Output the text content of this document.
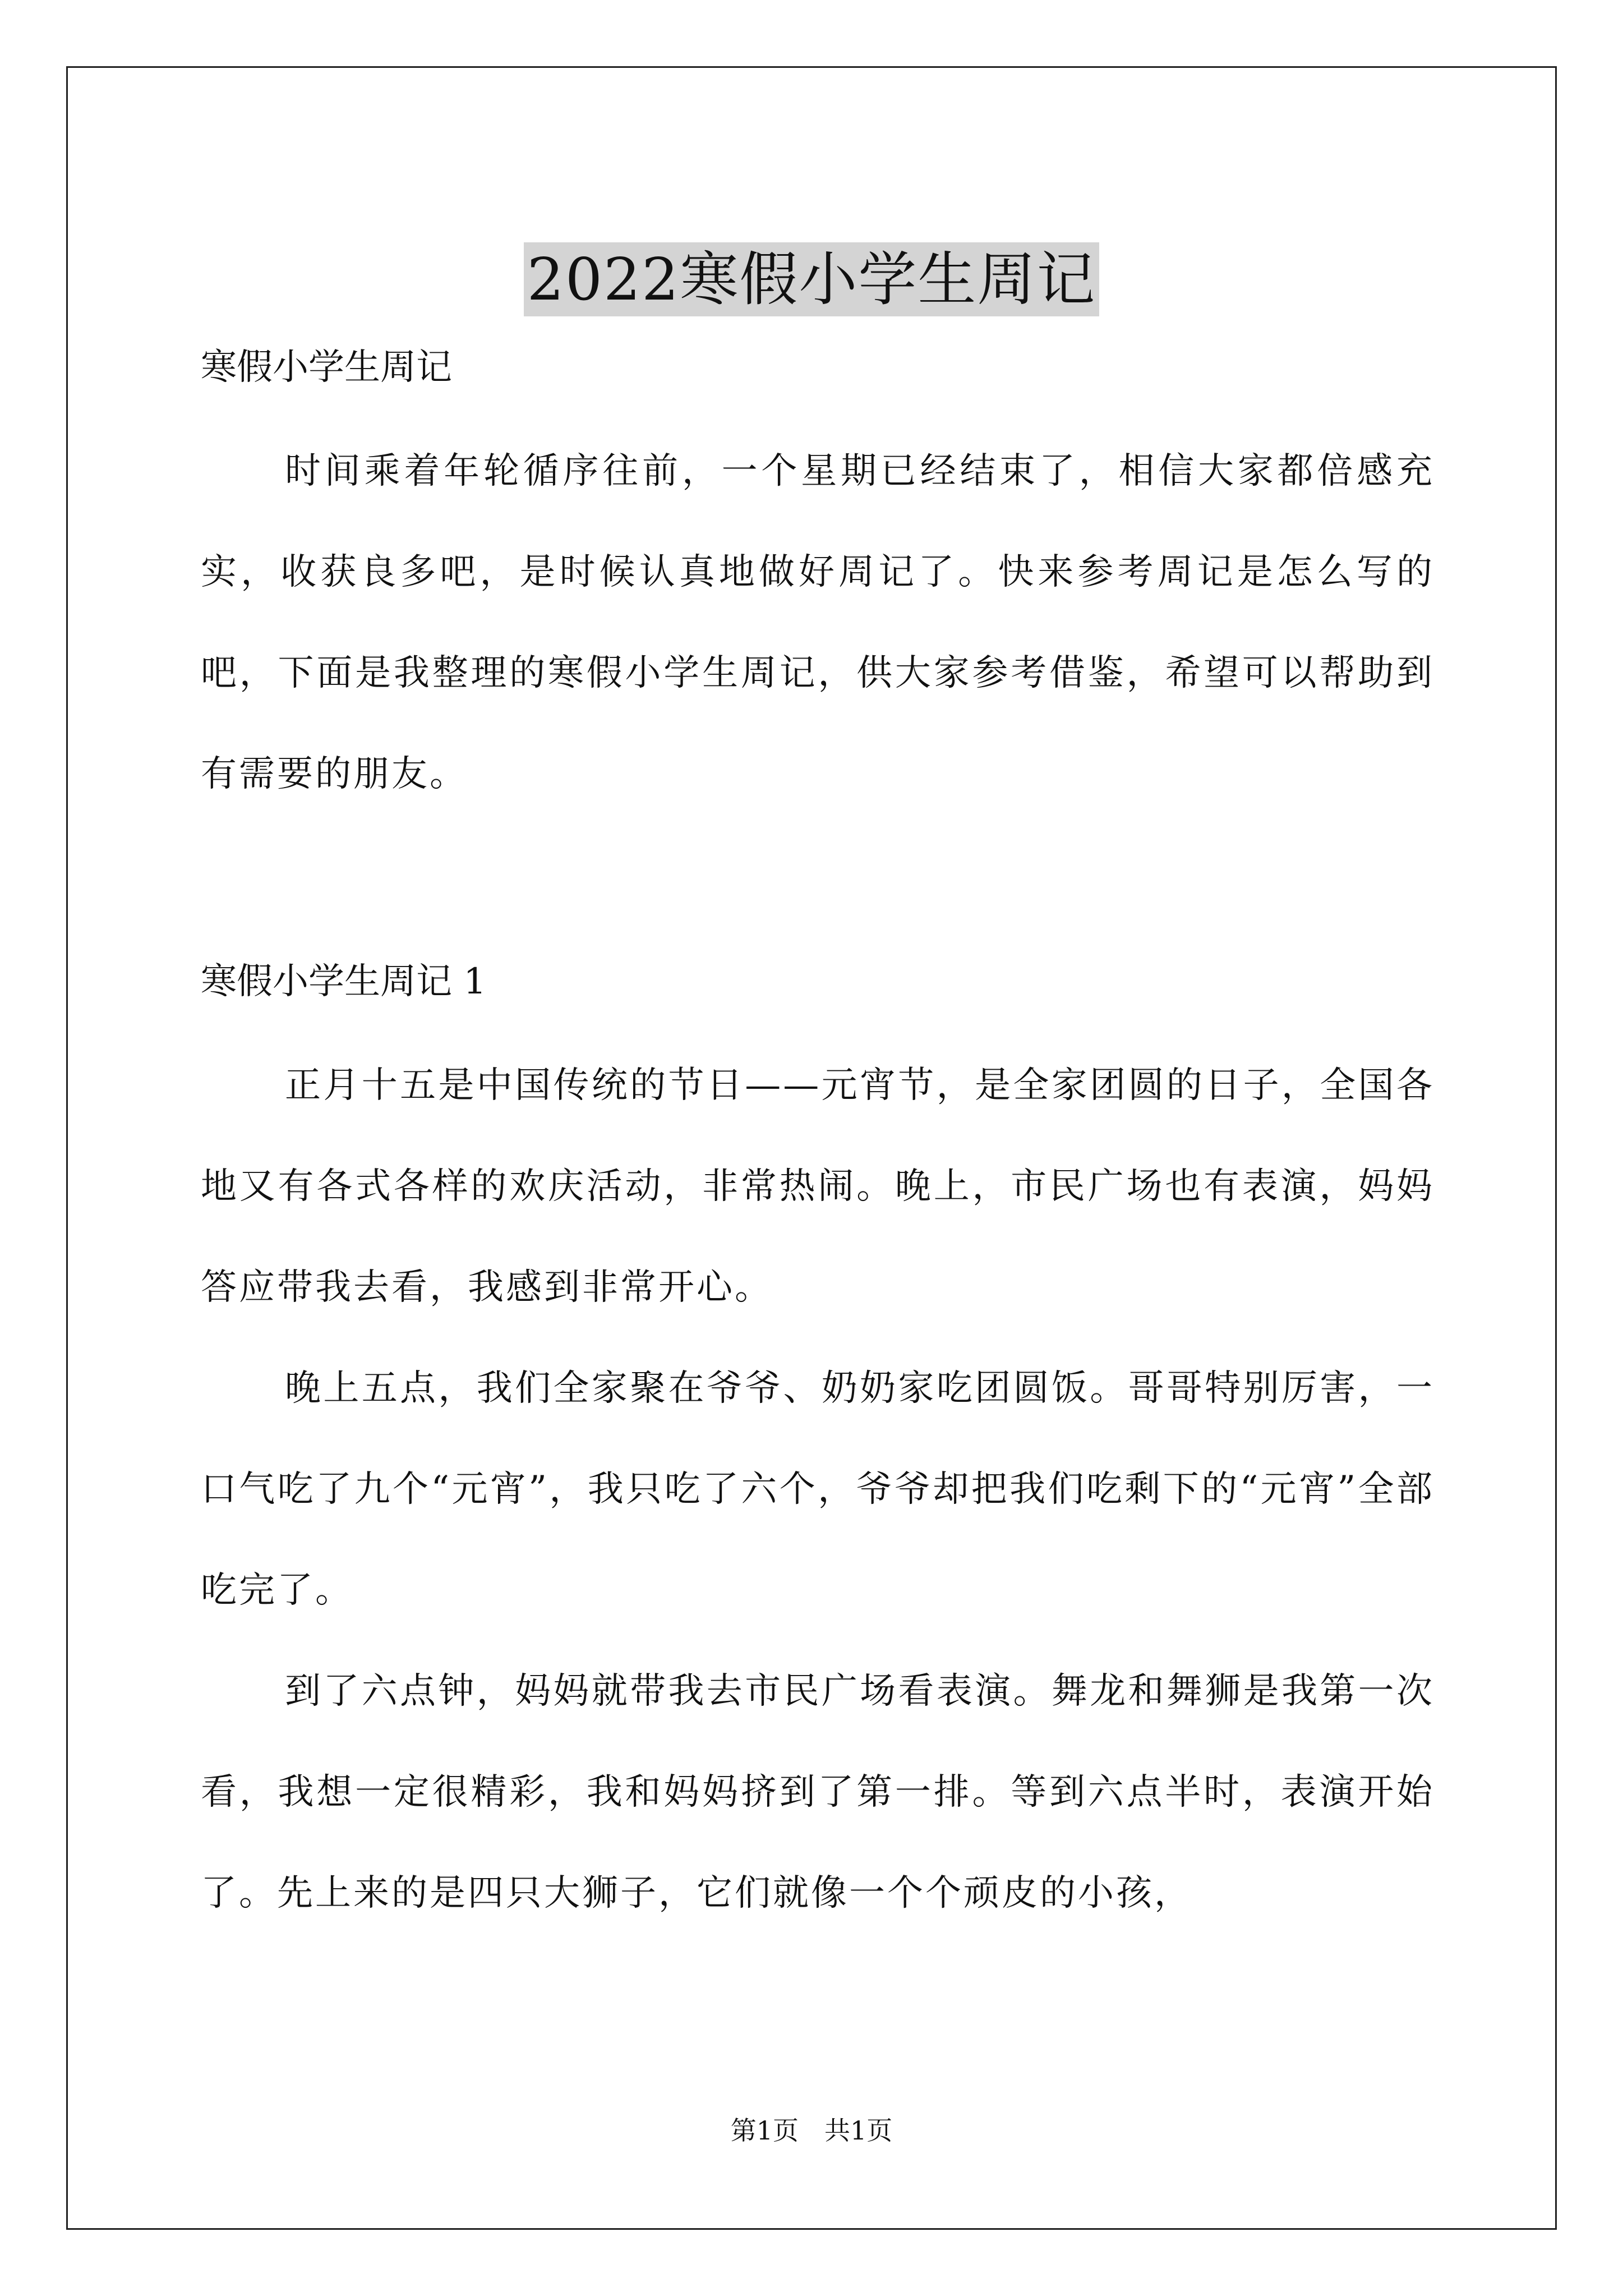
2022寒假小学生周记

寒假小学生周记

时间乘着年轮循序往前，一个星期已经结束了，相信大家都倍感充实，收获良多吧，是时候认真地做好周记了。快来参考周记是怎么写的吧，下面是我整理的寒假小学生周记，供大家参考借鉴，希望可以帮助到有需要的朋友。

寒假小学生周记 1

正月十五是中国传统的节日——元宵节，是全家团圆的日子，全国各地又有各式各样的欢庆活动，非常热闹。晚上，市民广场也有表演，妈妈答应带我去看，我感到非常开心。

晚上五点，我们全家聚在爷爷、奶奶家吃团圆饭。哥哥特别厉害，一口气吃了九个“元宵”，我只吃了六个，爷爷却把我们吃剩下的“元宵”全部吃完了。

到了六点钟，妈妈就带我去市民广场看表演。舞龙和舞狮是我第一次看，我想一定很精彩，我和妈妈挤到了第一排。等到六点半时，表演开始了。先上来的是四只大狮子，它们就像一个个顽皮的小孩，

第1页　共1页
